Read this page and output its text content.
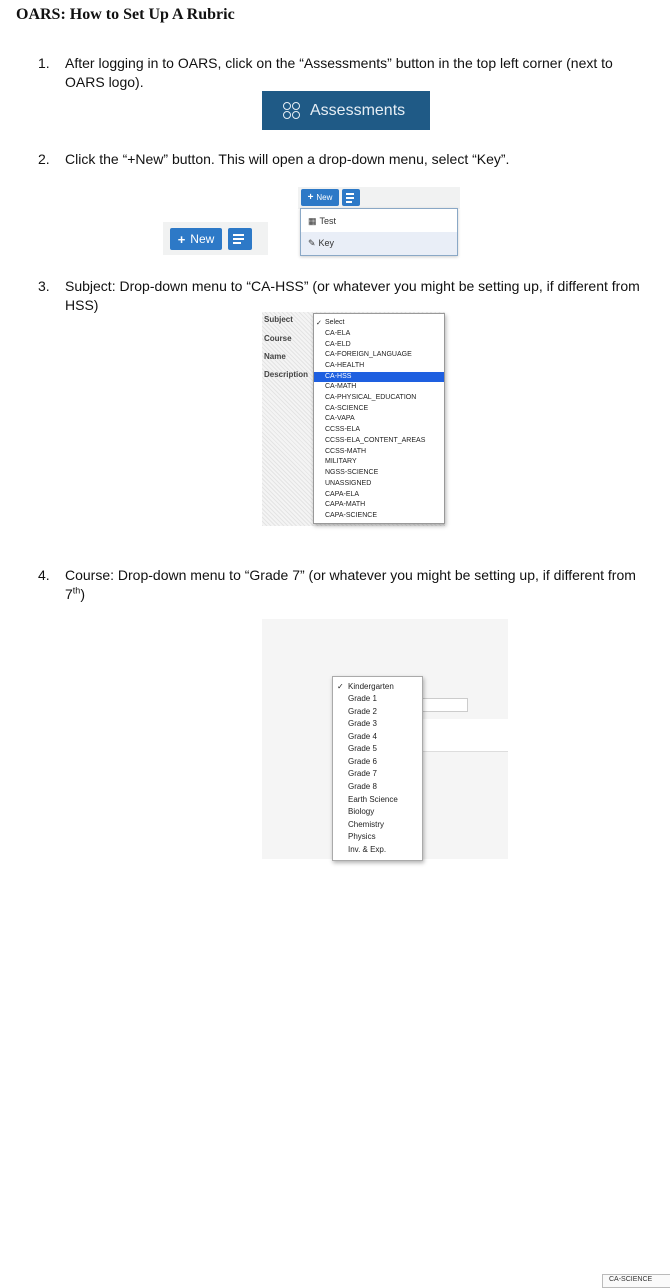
OARS: How to Set Up A Rubric
1. After logging in to OARS, click on the “Assessments” button in the top left corner (next to OARS logo).
Assessments
2. Click the “+New” button. This will open a drop-down menu, select “Key”.
+ New
+ New
▦ Test
✎ Key
3. Subject: Drop-down menu to “CA-HSS” (or whatever you might be setting up, if different from HSS)
Subject
Course
Name
Description
✓ Select
CA-ELA
CA-ELD
CA-FOREIGN_LANGUAGE
CA-HEALTH
CA-HSS
CA-MATH
CA-PHYSICAL_EDUCATION
CA-SCIENCE
CA-VAPA
CCSS-ELA
CCSS-ELA_CONTENT_AREAS
CCSS-MATH
MILITARY
NGSS-SCIENCE
UNASSIGNED
CAPA-ELA
CAPA-MATH
CAPA-SCIENCE
4. Course: Drop-down menu to “Grade 7” (or whatever you might be setting up, if different from 7th)
CA-SCIENCE

✓ Kindergarten
Grade 1
Grade 2
Grade 3
Grade 4
Grade 5
Grade 6
Grade 7
Grade 8
Earth Science
Biology
Chemistry
Physics
Inv. & Exp.
